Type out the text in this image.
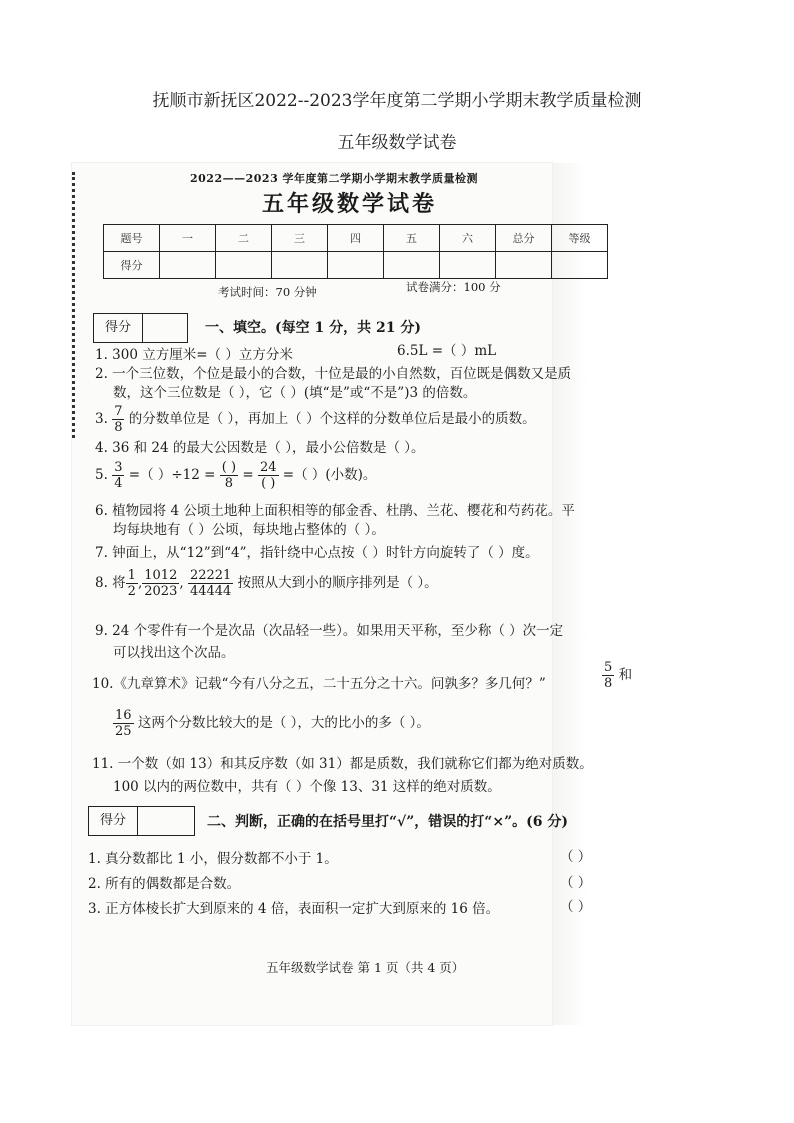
抚顺市新抚区2022--2023学年度第二学期小学期末教学质量检测
五年级数学试卷
2022——2023 学年度第二学期小学期末教学质量检测
五年级数学试卷
题号	一	二	三	四	五	六	总分	等级
得分								
考试时间：70 分钟	试卷满分：100 分
得分	一、填空。(每空 1 分，共 21 分)
1. 300 立方厘米=（ ）立方分米	6.5L =（ ）mL
2. 一个三位数，个位是最小的合数，十位是最的小自然数，百位既是偶数又是质
数，这个三位数是（ ），它（ ）(填“是”或“不是”)3 的倍数。
3. $\frac{7}{8}$ 的分数单位是（ ），再加上（ ）个这样的分数单位后是最小的质数。
4. 36 和 24 的最大公因数是（ ），最小公倍数是（ ）。
5. $\frac{3}{4}$ =（ ）$\div 12 = \frac{( )}{8} = \frac{24}{( )}$ =（ ）(小数)。
6. 植物园将 4 公顷土地种上面积相等的郁金香、杜鹃、兰花、樱花和芍药花。平
均每块地有（ ）公顷，每块地占整体的（ ）。
7. 钟面上，从“12”到“4”，指针绕中心点按（ ）时针方向旋转了（ ）度。
8. 将 $\frac{1}{2}$ , $\frac{1012}{2023}$ , $\frac{22221}{44444}$ 按照从大到小的顺序排列是（ ）。
9. 24 个零件有一个是次品（次品轻一些）。如果用天平称，至少称（ ）次一定
可以找出这个次品。
10.《九章算术》记载“今有八分之五，二十五分之十六。问孰多？多几何？”	$\frac{5}{8}$ 和
$\frac{16}{25}$ 这两个分数比较大的是（ ），大的比小的多（ ）。
11. 一个数（如 13）和其反序数（如 31）都是质数，我们就称它们都为绝对质数。
100 以内的两位数中，共有（ ）个像 13、31 这样的绝对质数。
得分	二、判断，正确的在括号里打“√”，错误的打“×”。(6 分)
1. 真分数都比 1 小，假分数都不小于 1。	（ ）
2. 所有的偶数都是合数。	（ ）
3. 正方体棱长扩大到原来的 4 倍，表面积一定扩大到原来的 16 倍。	（ ）
五年级数学试卷 第 1 页（共 4 页）
